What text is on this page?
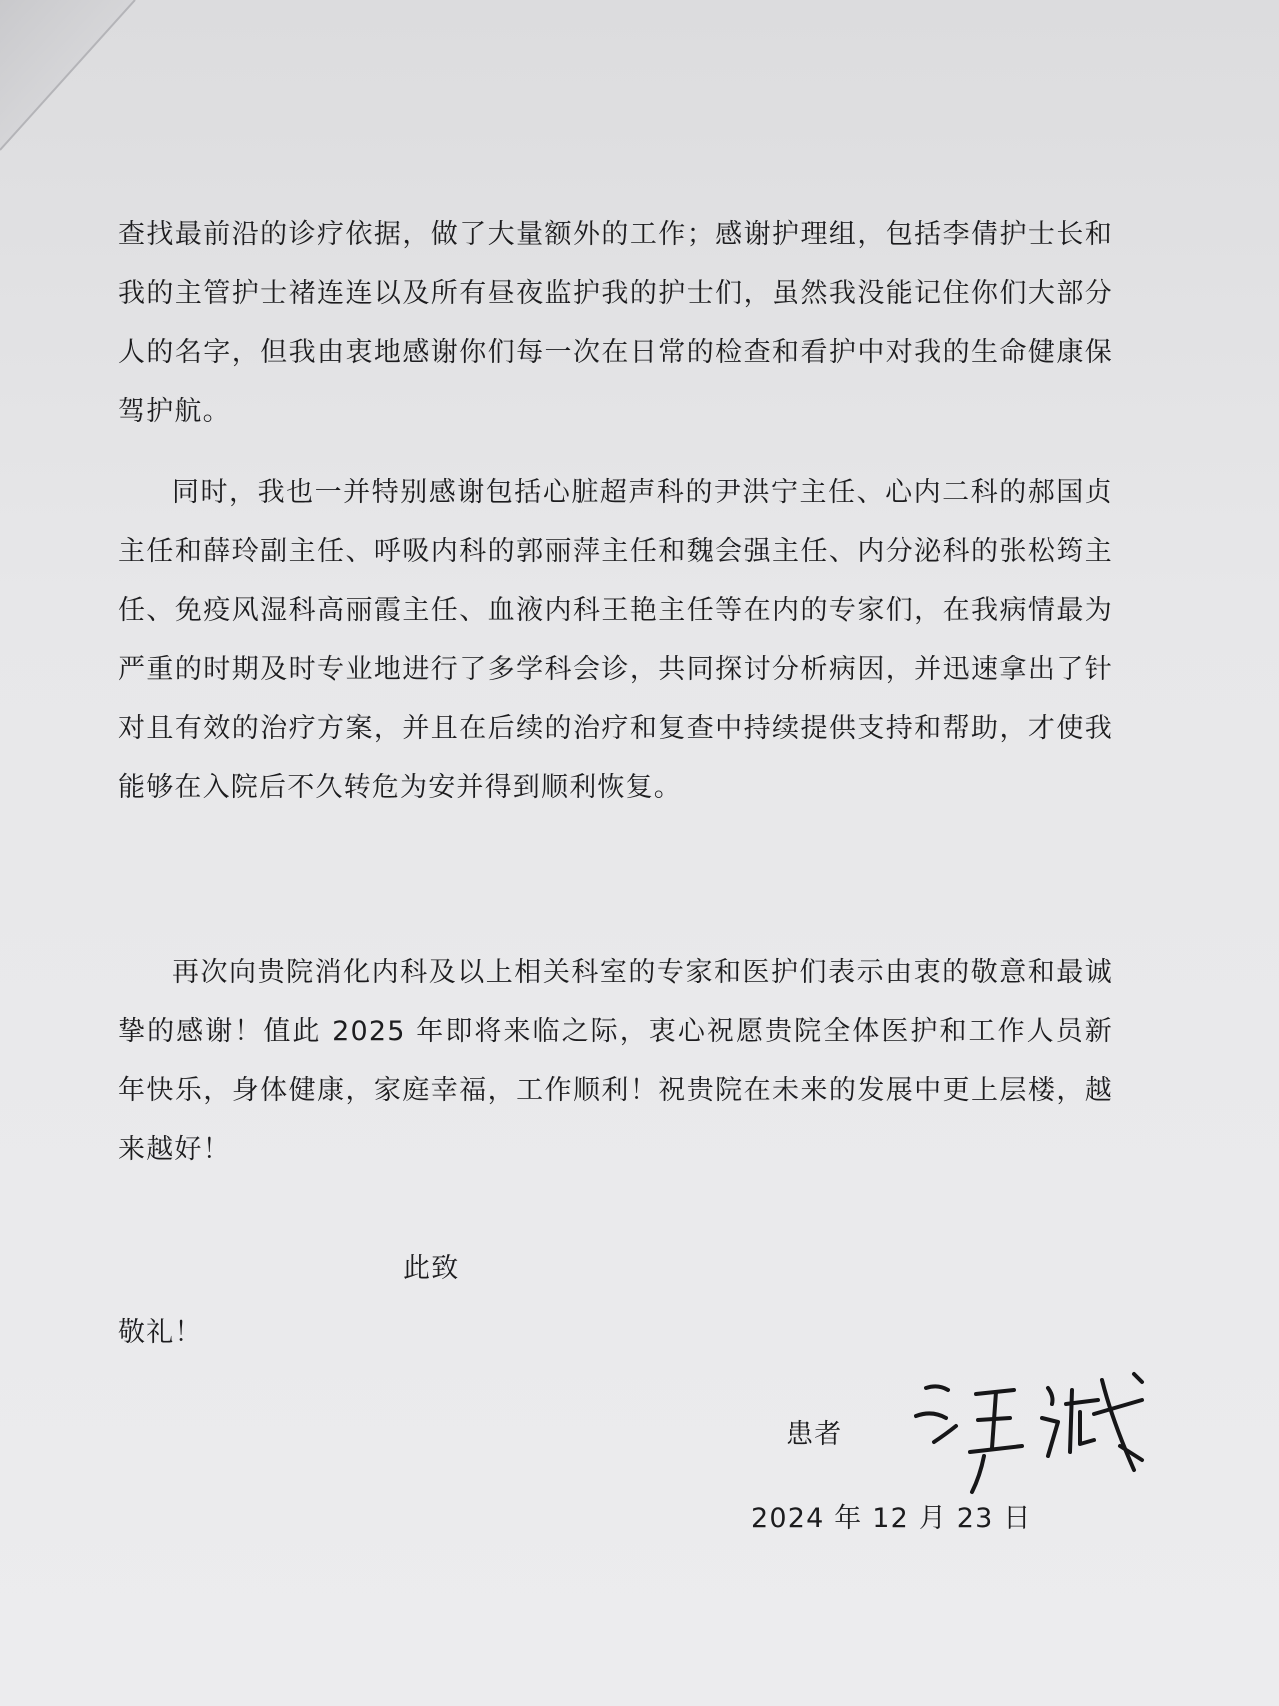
查找最前沿的诊疗依据，做了大量额外的工作；感谢护理组，包括李倩护士长和我的主管护士褚连连以及所有昼夜监护我的护士们，虽然我没能记住你们大部分人的名字，但我由衷地感谢你们每一次在日常的检查和看护中对我的生命健康保驾护航。

同时，我也一并特别感谢包括心脏超声科的尹洪宁主任、心内二科的郝国贞主任和薛玲副主任、呼吸内科的郭丽萍主任和魏会强主任、内分泌科的张松筠主任、免疫风湿科高丽霞主任、血液内科王艳主任等在内的专家们，在我病情最为严重的时期及时专业地进行了多学科会诊，共同探讨分析病因，并迅速拿出了针对且有效的治疗方案，并且在后续的治疗和复查中持续提供支持和帮助，才使我能够在入院后不久转危为安并得到顺利恢复。

再次向贵院消化内科及以上相关科室的专家和医护们表示由衷的敬意和最诚挚的感谢！值此 2025 年即将来临之际，衷心祝愿贵院全体医护和工作人员新年快乐，身体健康，家庭幸福，工作顺利！祝贵院在未来的发展中更上层楼，越来越好！

此致
敬礼！
患者
2024 年 12 月 23 日
